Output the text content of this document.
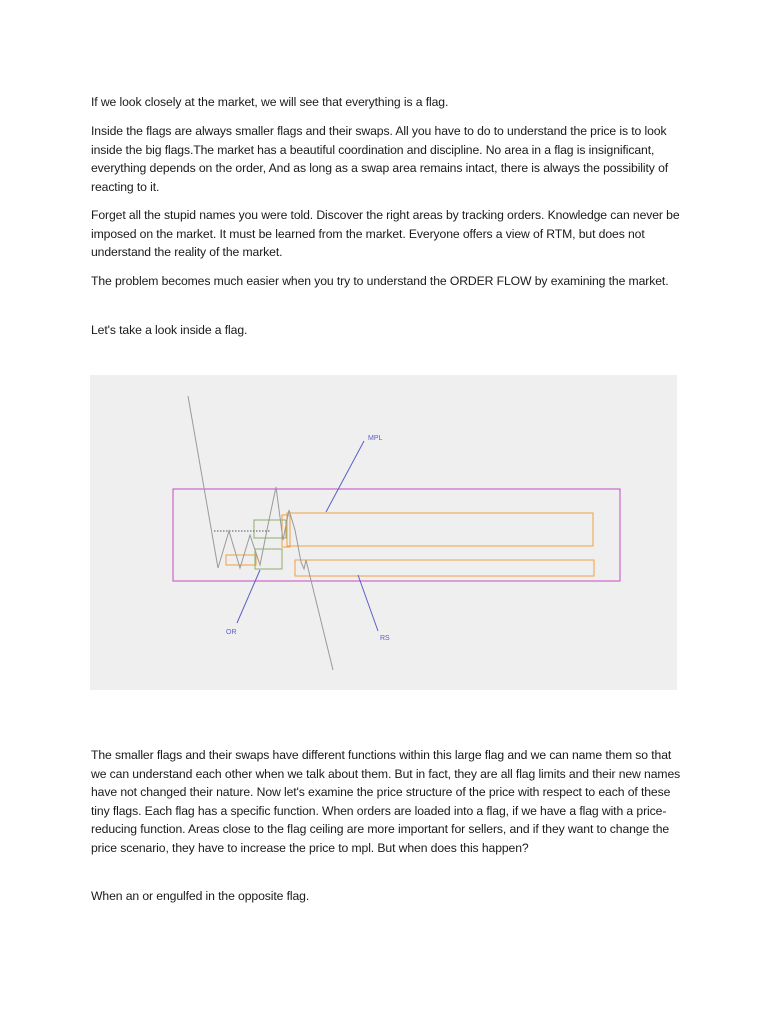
If we look closely at the market, we will see that everything is a flag.

Inside the flags are always smaller flags and their swaps. All you have to do to understand the price is to look inside the big flags.The market has a beautiful coordination and discipline. No area in a flag is insignificant, everything depends on the order, And as long as a swap area remains intact, there is always the possibility of reacting to it.

Forget all the stupid names you were told. Discover the right areas by tracking orders. Knowledge can never be imposed on the market. It must be learned from the market. Everyone offers a view of RTM, but does not understand the reality of the market.

The problem becomes much easier when you try to understand the ORDER FLOW by examining the market.

Let's take a look inside a flag.

MPL
OR
RS

The smaller flags and their swaps have different functions within this large flag and we can name them so that we can understand each other when we talk about them. But in fact, they are all flag limits and their new names have not changed their nature. Now let's examine the price structure of the price with respect to each of these tiny flags. Each flag has a specific function. When orders are loaded into a flag, if we have a flag with a price-reducing function. Areas close to the flag ceiling are more important for sellers, and if they want to change the price scenario, they have to increase the price to mpl. But when does this happen?

When an or engulfed in the opposite flag.
